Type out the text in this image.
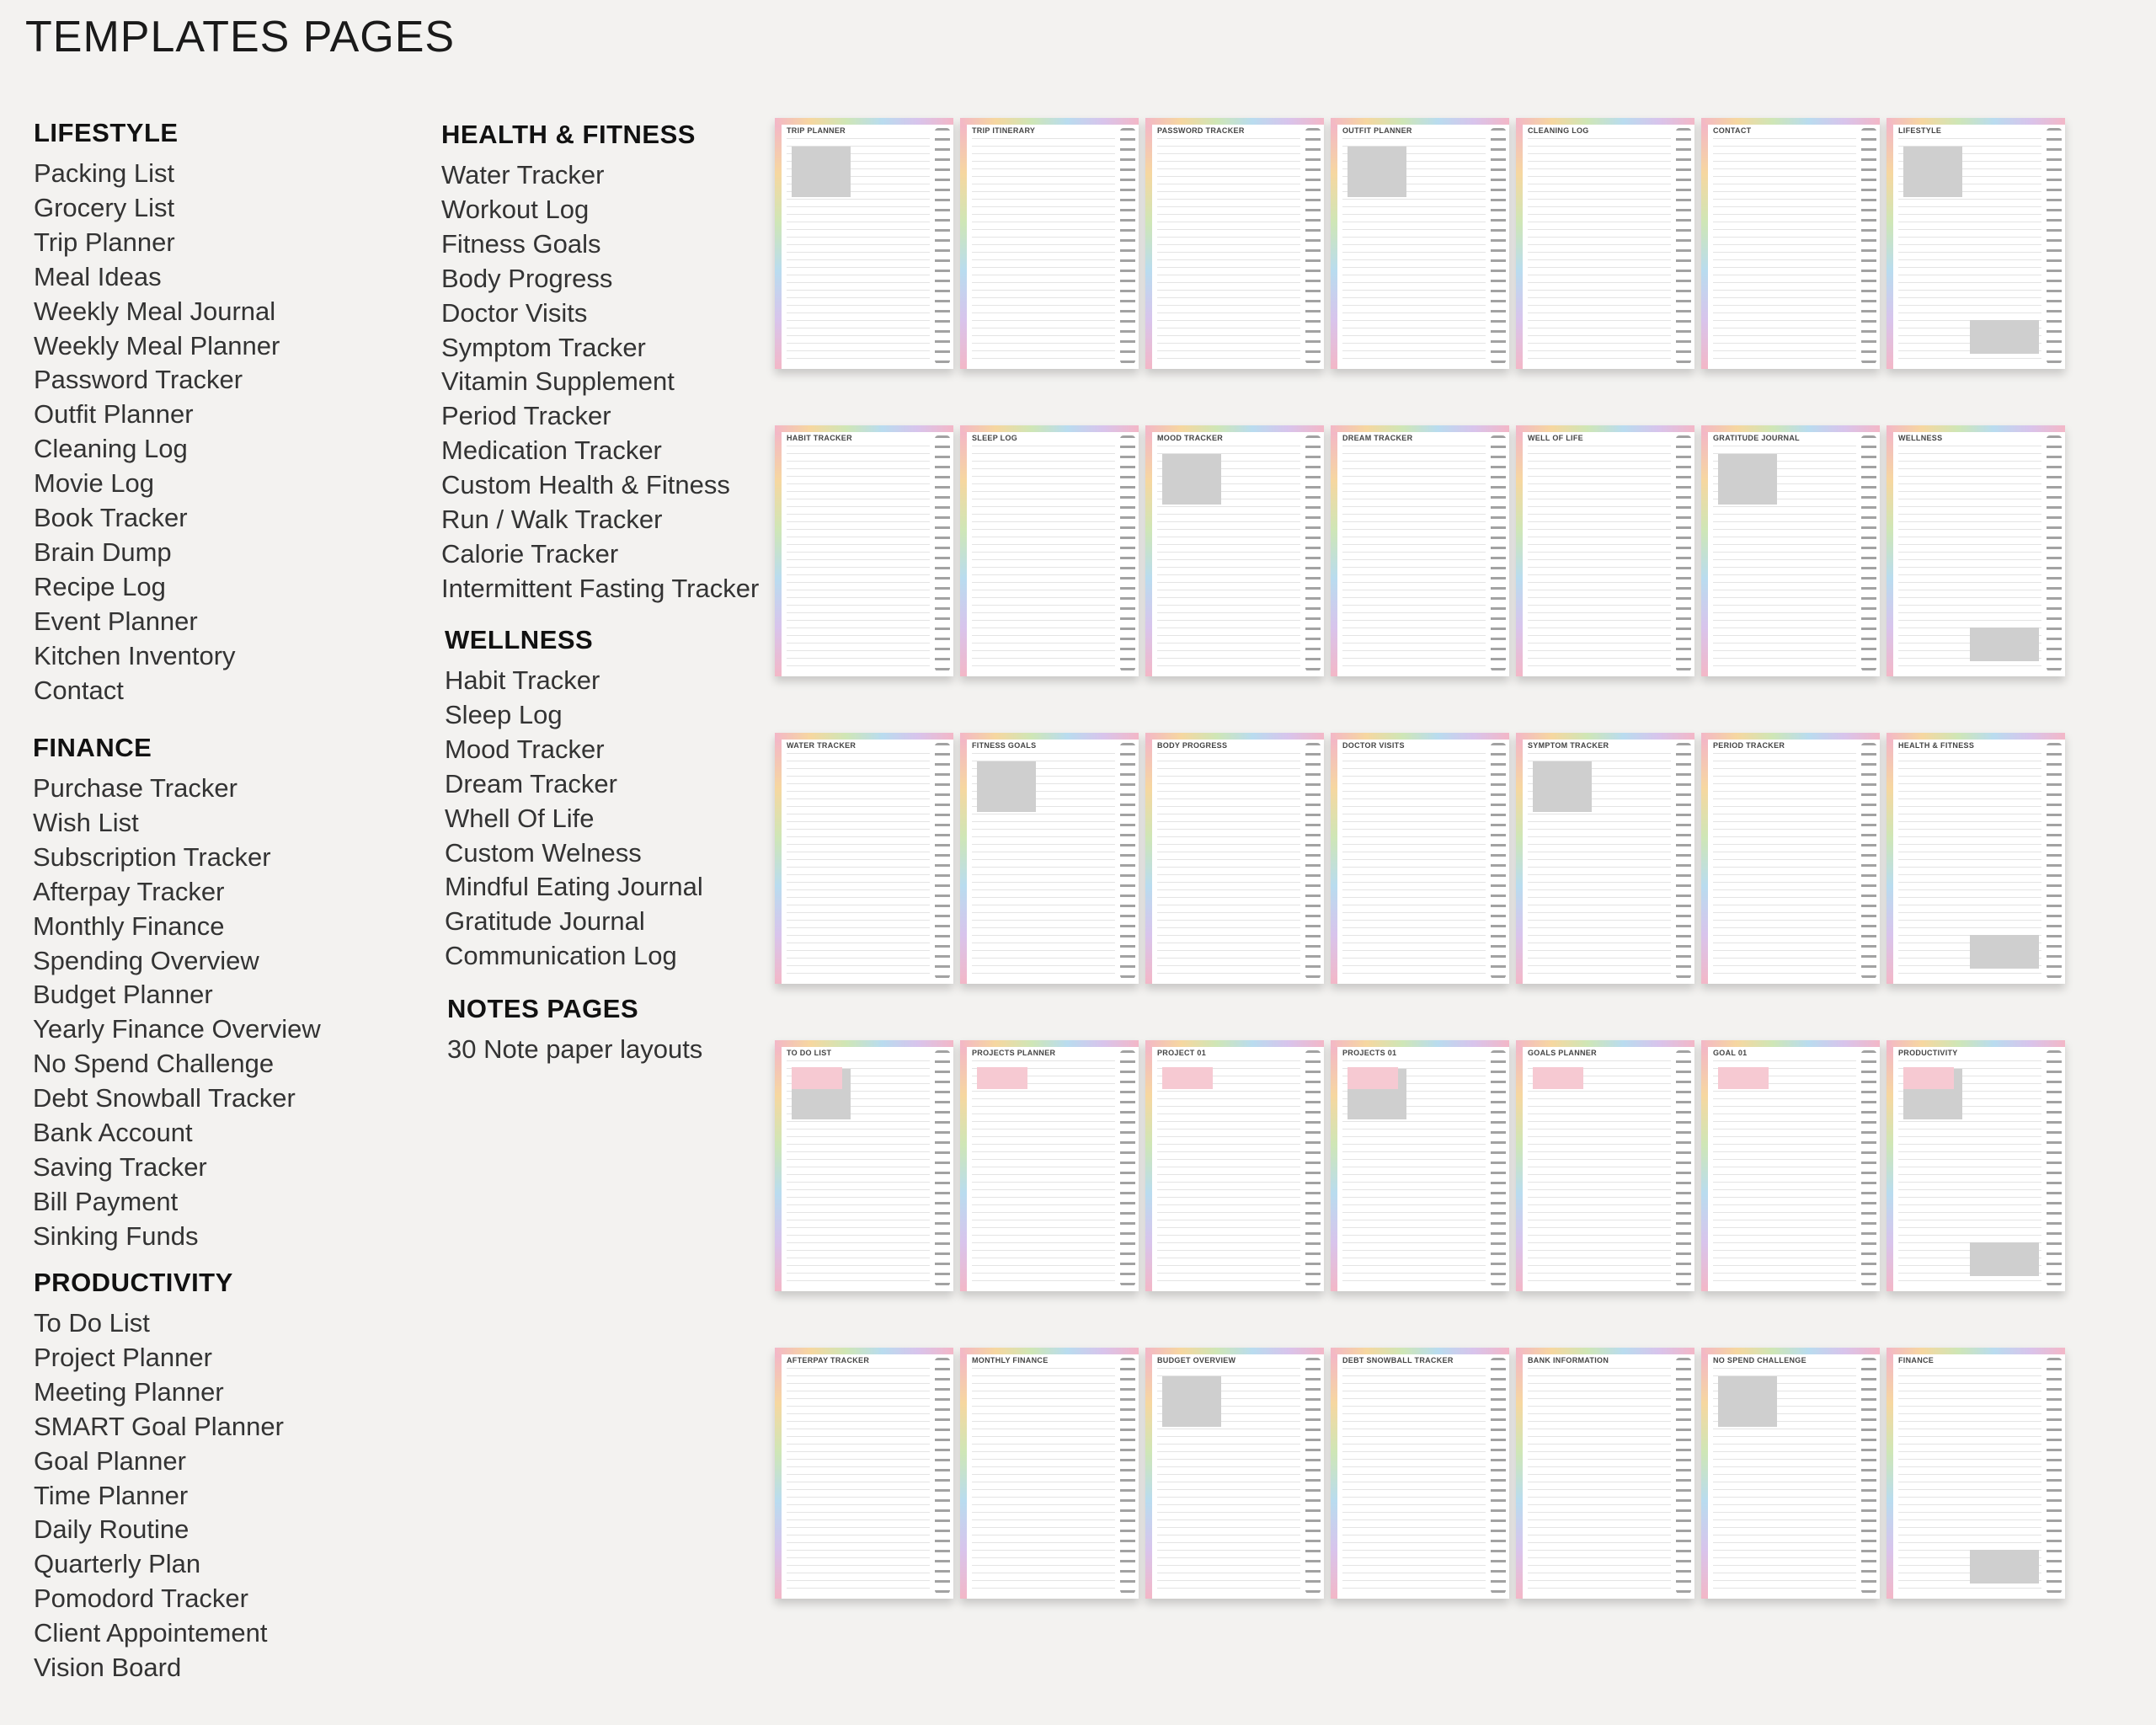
TEMPLATES PAGES
LIFESTYLE
Packing List
Grocery List
Trip Planner
Meal Ideas
Weekly Meal Journal
Weekly Meal Planner
Password Tracker
Outfit Planner
Cleaning Log
Movie Log
Book Tracker
Brain Dump
Recipe Log
Event Planner
Kitchen Inventory
Contact
FINANCE
Purchase Tracker
Wish List
Subscription Tracker
Afterpay Tracker
Monthly Finance
Spending Overview
Budget Planner
Yearly Finance Overview
No Spend Challenge
Debt Snowball Tracker
Bank Account
Saving Tracker
Bill Payment
Sinking Funds
PRODUCTIVITY
To Do List
Project Planner
Meeting Planner
SMART Goal Planner
Goal Planner
Time Planner
Daily Routine
Quarterly Plan
Pomodord Tracker
Client Appointement
Vision Board
HEALTH & FITNESS
Water Tracker
Workout Log
Fitness Goals
Body Progress
Doctor Visits
Symptom Tracker
Vitamin Supplement
Period Tracker
Medication Tracker
Custom Health & Fitness
Run / Walk Tracker
Calorie Tracker
Intermittent Fasting Tracker
WELLNESS
Habit Tracker
Sleep Log
Mood Tracker
Dream Tracker
Whell Of Life
Custom Welness
Mindful Eating Journal
Gratitude Journal
Communication Log
NOTES PAGES
30 Note paper layouts
TRIP PLANNER	TRIP ITINERARY	PASSWORD TRACKER	OUTFIT PLANNER	CLEANING LOG	CONTACT	LIFESTYLE
HABIT TRACKER	SLEEP LOG	MOOD TRACKER	DREAM TRACKER	WELL OF LIFE	GRATITUDE JOURNAL	WELLNESS
WATER TRACKER	FITNESS GOALS	BODY PROGRESS	DOCTOR VISITS	SYMPTOM TRACKER	PERIOD TRACKER	HEALTH & FITNESS
TO DO LIST	PROJECTS PLANNER	PROJECT 01	PROJECTS 01	GOALS PLANNER	GOAL 01	PRODUCTIVITY
AFTERPAY TRACKER	MONTHLY FINANCE	BUDGET OVERVIEW	DEBT SNOWBALL TRACKER	BANK INFORMATION	NO SPEND CHALLENGE	FINANCE
